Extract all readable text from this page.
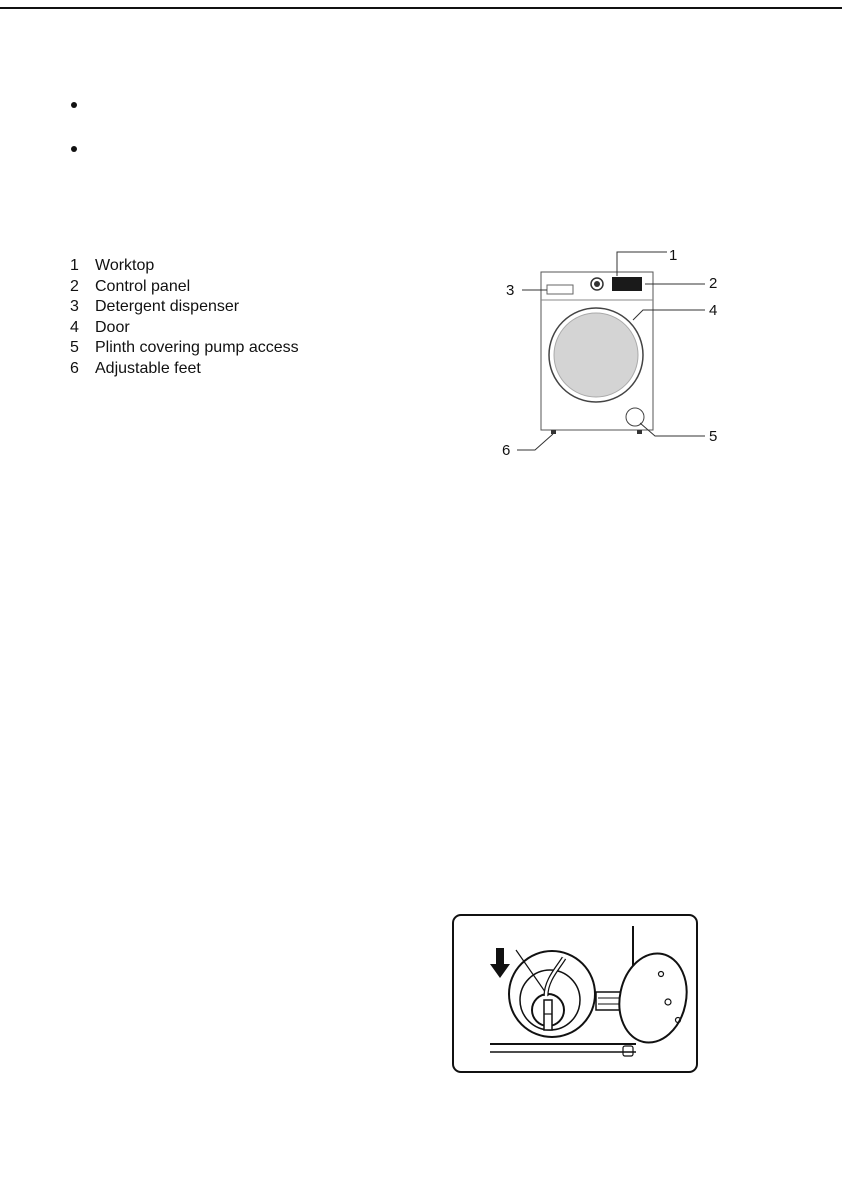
1	Worktop
2	Control panel
3	Detergent dispenser
4	Door
5	Plinth covering pump access
6	Adjustable feet
1
2
3
4
5
6
